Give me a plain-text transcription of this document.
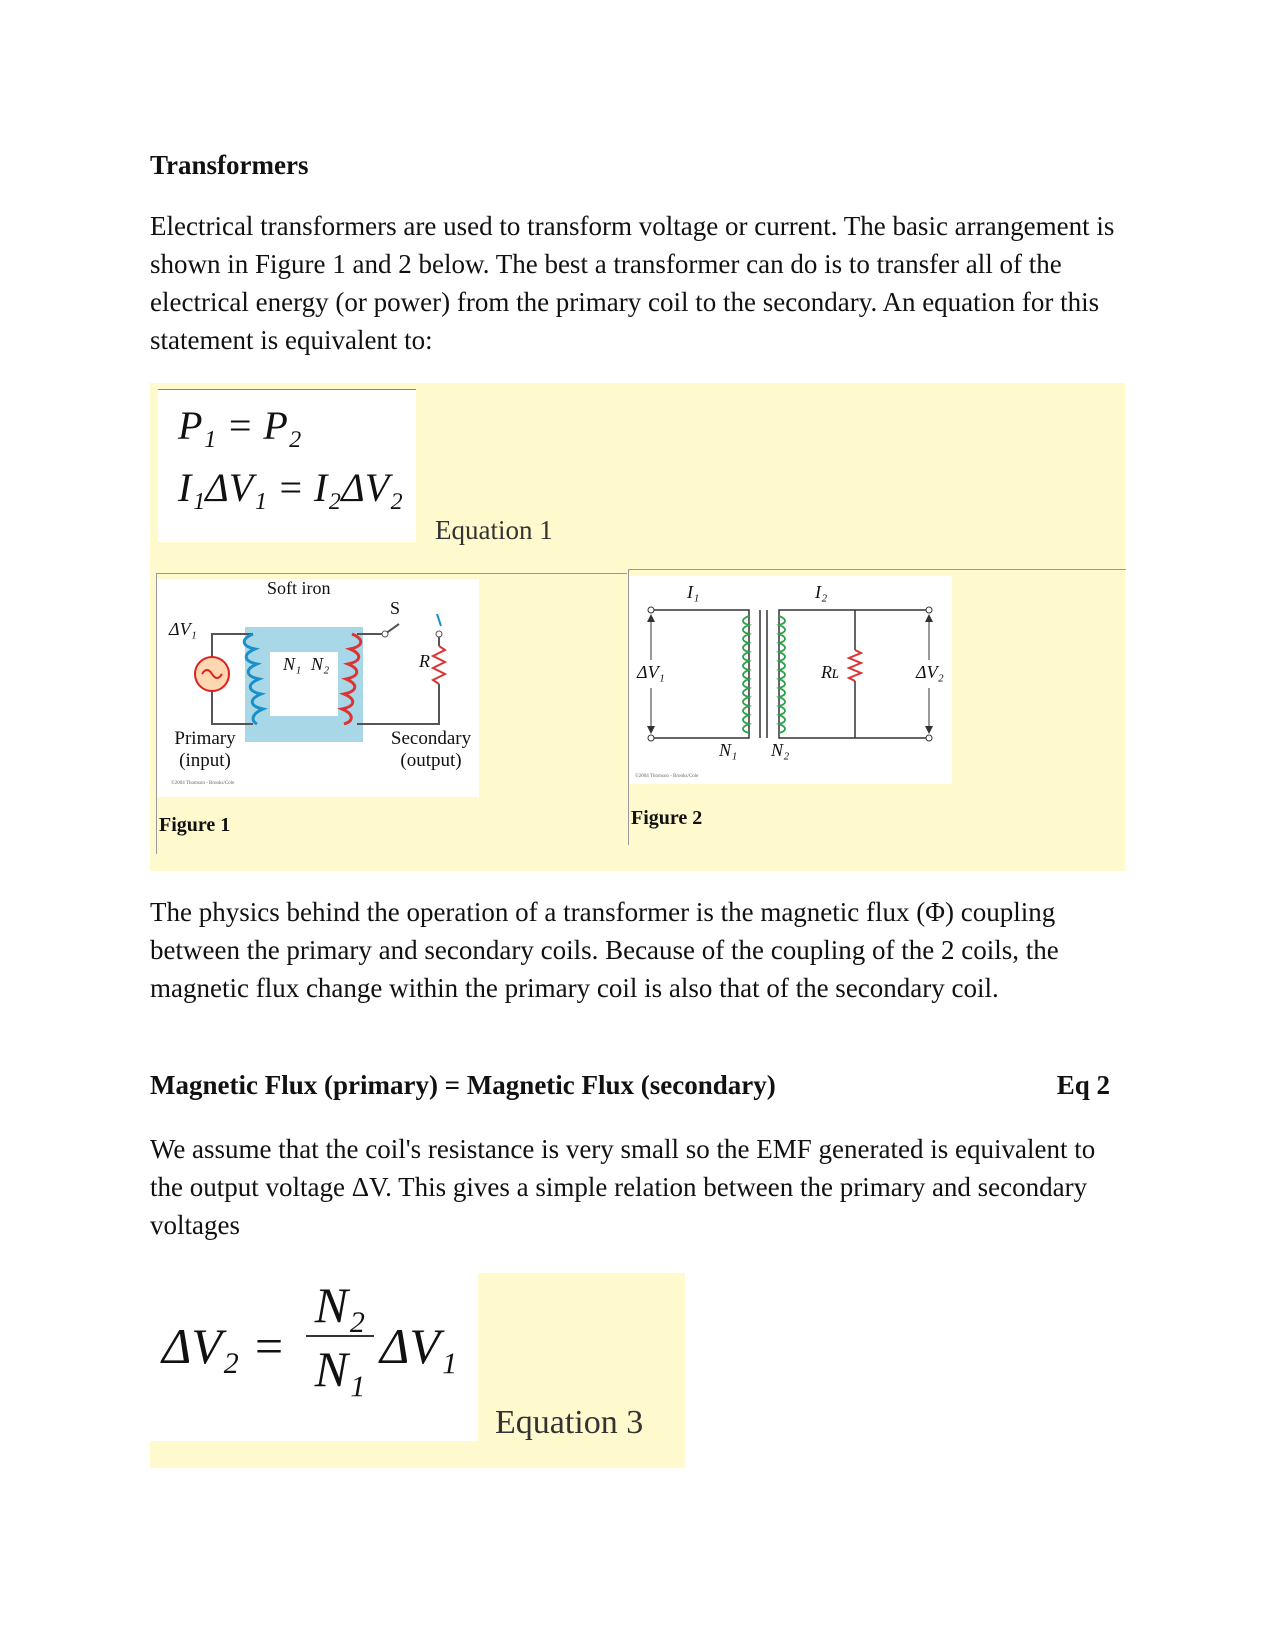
Transformers
Electrical transformers are used to transform voltage or current. The basic arrangement is shown in Figure 1 and 2 below. The best a transformer can do is to transfer all of the electrical energy (or power) from the primary coil to the secondary. An equation for this statement is equivalent to:
P₁ = P₂
I₁ΔV₁ = I₂ΔV₂
Equation 1
Soft iron
S
ΔV₁
N₁ N₂	R
Primary
(input)
Secondary
(output)
©2004 Thomson - Brooks/Cole
Figure 1
I₁	I₂
ΔV₁	Rʟ	ΔV₂
N₁ N₂
©2004 Thomson - Brooks/Cole
Figure 2
The physics behind the operation of a transformer is the magnetic flux (Φ) coupling between the primary and secondary coils. Because of the coupling of the 2 coils, the magnetic flux change within the primary coil is also that of the secondary coil.
Magnetic Flux (primary) = Magnetic Flux (secondary)	Eq 2
We assume that the coil's resistance is very small so the EMF generated is equivalent to the output voltage ΔV. This gives a simple relation between the primary and secondary voltages
ΔV₂ =
N₂
N₁ ΔV₁
Equation 3
